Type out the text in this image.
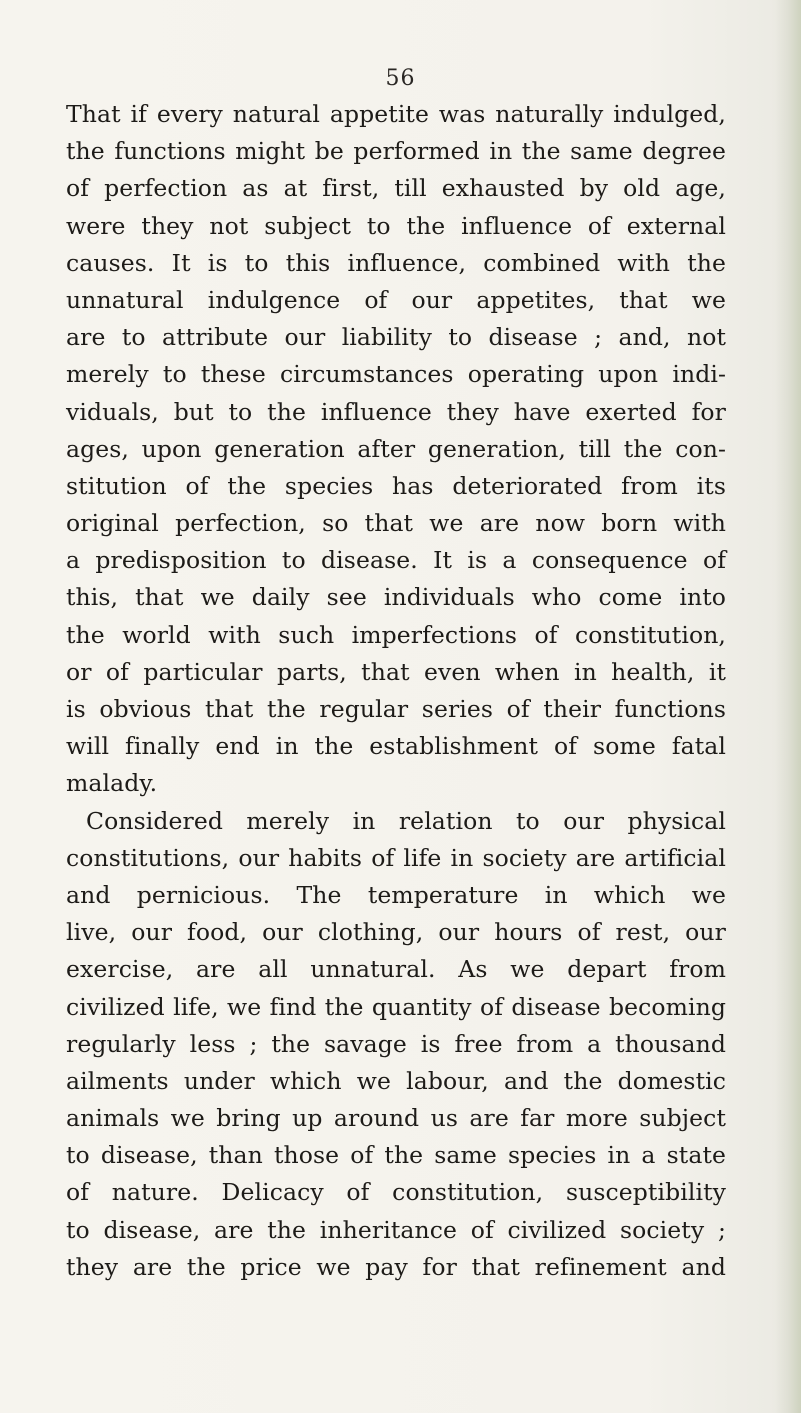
56
That if every natural appetite was naturally indulged,
the functions might be performed in the same degree
of perfection as at first, till exhausted by old age,
were they not subject to the influence of external
causes. It is to this influence, combined with the
unnatural indulgence of our appetites, that we
are to attribute our liability to disease ; and, not
merely to these circumstances operating upon indi-
viduals, but to the influence they have exerted for
ages, upon generation after generation, till the con-
stitution of the species has deteriorated from its
original perfection, so that we are now born with
a predisposition to disease. It is a consequence of
this, that we daily see individuals who come into
the world with such imperfections of constitution,
or of particular parts, that even when in health, it
is obvious that the regular series of their functions
will finally end in the establishment of some fatal
malady.
Considered merely in relation to our physical
constitutions, our habits of life in society are artificial
and pernicious. The temperature in which we
live, our food, our clothing, our hours of rest, our
exercise, are all unnatural. As we depart from
civilized life, we find the quantity of disease becoming
regularly less ; the savage is free from a thousand
ailments under which we labour, and the domestic
animals we bring up around us are far more subject
to disease, than those of the same species in a state
of nature. Delicacy of constitution, susceptibility
to disease, are the inheritance of civilized society ;
they are the price we pay for that refinement and
